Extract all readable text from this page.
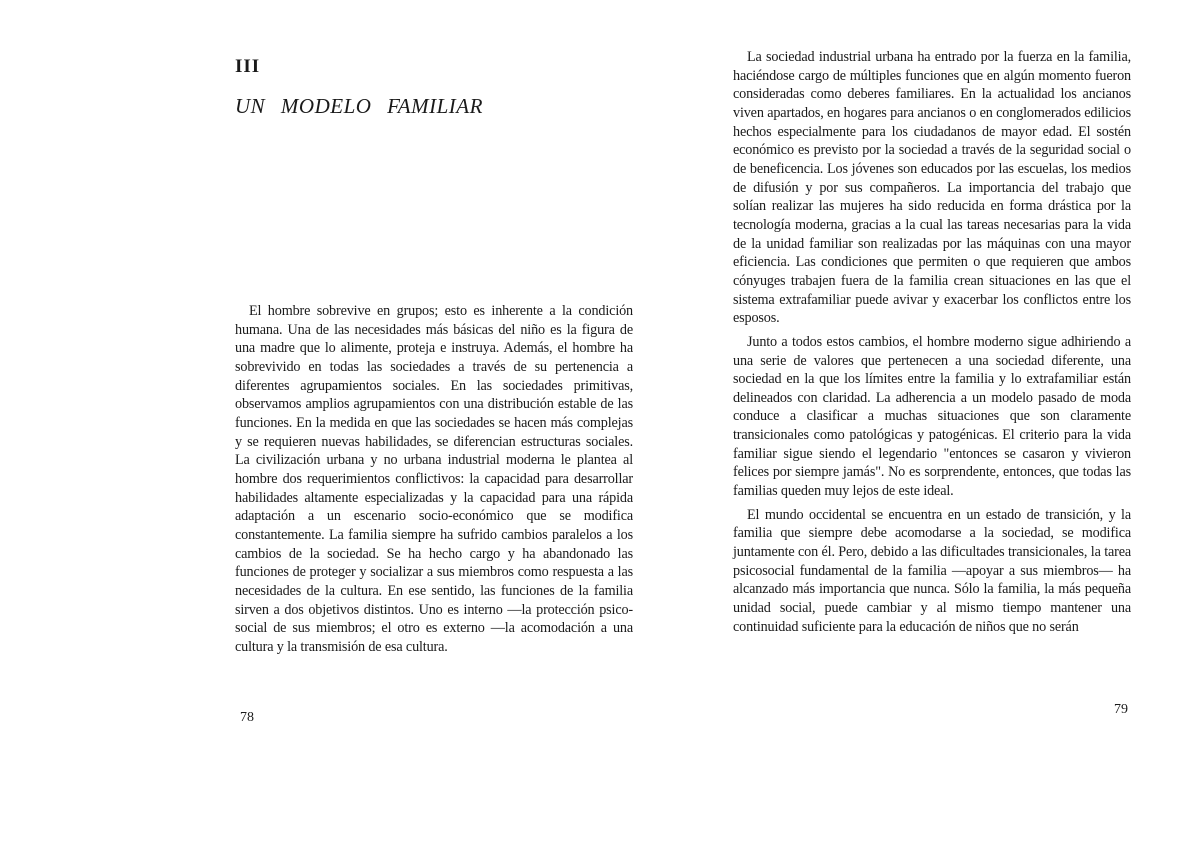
III
UN MODELO FAMILIAR

El hombre sobrevive en grupos; esto es inherente a la condición humana. Una de las necesidades más básicas del niño es la figura de una madre que lo alimente, proteja e instruya. Además, el hombre ha sobrevivido en todas las sociedades a través de su pertenencia a diferentes agrupamientos sociales. En las sociedades primitivas, observamos amplios agrupamientos con una distribución estable de las funciones. En la medida en que las sociedades se hacen más complejas y se requieren nuevas habilidades, se diferencian estructuras sociales. La civilización urbana y no urbana industrial moderna le plantea al hombre dos requerimientos conflictivos: la capacidad para desarrollar habilidades altamente especializadas y la capacidad para una rápida adaptación a un escenario socio-económico que se modifica constantemente. La familia siempre ha sufrido cambios paralelos a los cambios de la sociedad. Se ha hecho cargo y ha abandonado las funciones de proteger y socializar a sus miembros como respuesta a las necesidades de la cultura. En ese sentido, las funciones de la familia sirven a dos objetivos distintos. Uno es interno —la protección psico-social de sus miembros; el otro es externo —la acomodación a una cultura y la transmisión de esa cultura.

78

La sociedad industrial urbana ha entrado por la fuerza en la familia, haciéndose cargo de múltiples funciones que en algún momento fueron consideradas como deberes familiares. En la actualidad los ancianos viven apartados, en hogares para ancianos o en conglomerados edilicios hechos especialmente para los ciudadanos de mayor edad. El sostén económico es previsto por la sociedad a través de la seguridad social o de beneficencia. Los jóvenes son educados por las escuelas, los medios de difusión y por sus compañeros. La importancia del trabajo que solían realizar las mujeres ha sido reducida en forma drástica por la tecnología moderna, gracias a la cual las tareas necesarias para la vida de la unidad familiar son realizadas por las máquinas con una mayor eficiencia. Las condiciones que permiten o que requieren que ambos cónyuges trabajen fuera de la familia crean situaciones en las que el sistema extrafamiliar puede avivar y exacerbar los conflictos entre los esposos.

Junto a todos estos cambios, el hombre moderno sigue adhiriendo a una serie de valores que pertenecen a una sociedad diferente, una sociedad en la que los límites entre la familia y lo extrafamiliar están delineados con claridad. La adherencia a un modelo pasado de moda conduce a clasificar a muchas situaciones que son claramente transicionales como patológicas y patogénicas. El criterio para la vida familiar sigue siendo el legendario "entonces se casaron y vivieron felices por siempre jamás". No es sorprendente, entonces, que todas las familias queden muy lejos de este ideal.

El mundo occidental se encuentra en un estado de transición, y la familia que siempre debe acomodarse a la sociedad, se modifica juntamente con él. Pero, debido a las dificultades transicionales, la tarea psicosocial fundamental de la familia —apoyar a sus miembros— ha alcanzado más importancia que nunca. Sólo la familia, la más pequeña unidad social, puede cambiar y al mismo tiempo mantener una continuidad suficiente para la educación de niños que no serán

79
